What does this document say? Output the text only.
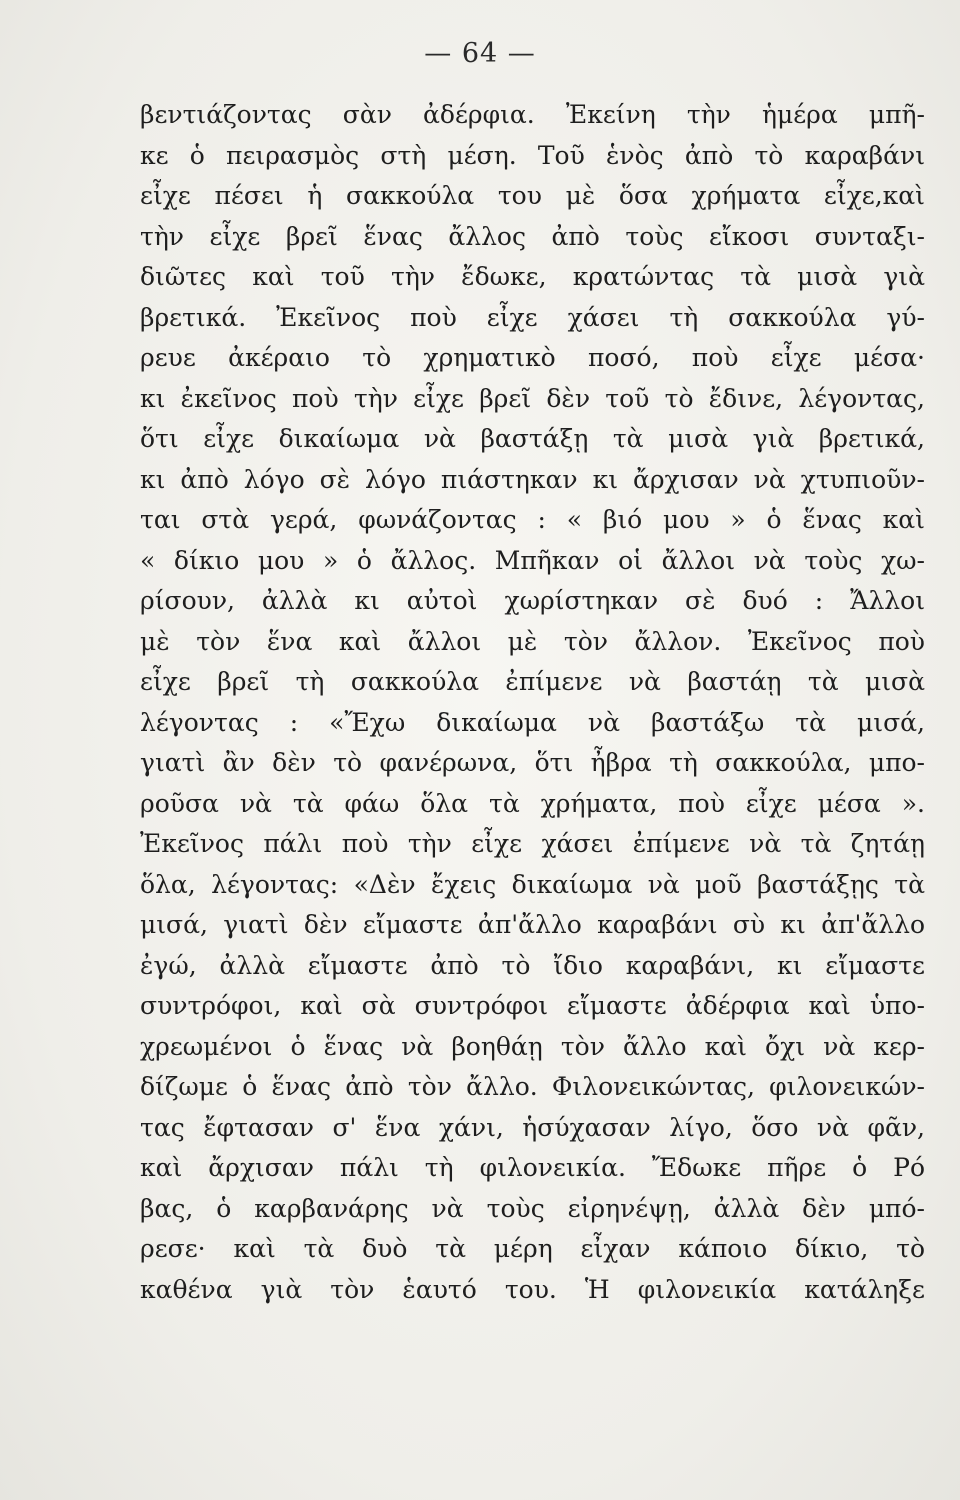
— 64 —
βεντιάζοντας σὰν ἀδέρφια. Ἐκείνη τὴν ἡμέρα μπῆ-
κε ὁ πειρασμὸς στὴ μέση. Τοῦ ἑνὸς ἀπὸ τὸ καραβάνι
εἶχε πέσει ἡ σακκούλα του μὲ ὅσα χρήματα εἶχε,καὶ
τὴν εἶχε βρεῖ ἕνας ἄλλος ἀπὸ τοὺς εἴκοσι συνταξι-
διῶτες καὶ τοῦ τὴν ἔδωκε, κρατώντας τὰ μισὰ γιὰ
βρετικά. Ἐκεῖνος ποὺ εἶχε χάσει τὴ σακκούλα γύ-
ρευε ἀκέραιο τὸ χρηματικὸ ποσό, ποὺ εἶχε μέσα·
κι ἐκεῖνος ποὺ τὴν εἶχε βρεῖ δὲν τοῦ τὸ ἔδινε, λέγοντας,
ὅτι εἶχε δικαίωμα νὰ βαστάξῃ τὰ μισὰ γιὰ βρετικά,
κι ἀπὸ λόγο σὲ λόγο πιάστηκαν κι ἄρχισαν νὰ χτυπιοῦν-
ται στὰ γερά, φωνάζοντας : « βιό μου » ὁ ἕνας καὶ
« δίκιο μου » ὁ ἄλλος. Μπῆκαν οἱ ἄλλοι νὰ τοὺς χω-
ρίσουν, ἀλλὰ κι αὐτοὶ χωρίστηκαν σὲ δυό : Ἄλλοι
μὲ τὸν ἕνα καὶ ἄλλοι μὲ τὸν ἄλλον. Ἐκεῖνος ποὺ
εἶχε βρεῖ τὴ σακκούλα ἐπίμενε νὰ βαστάῃ τὰ μισὰ
λέγοντας : «Ἔχω δικαίωμα νὰ βαστάξω τὰ μισά,
γιατὶ ἂν δὲν τὸ φανέρωνα, ὅτι ἦβρα τὴ σακκούλα, μπο-
ροῦσα νὰ τὰ φάω ὅλα τὰ χρήματα, ποὺ εἶχε μέσα ».
Ἐκεῖνος πάλι ποὺ τὴν εἶχε χάσει ἐπίμενε νὰ τὰ ζητάῃ
ὅλα, λέγοντας: «Δὲν ἔχεις δικαίωμα νὰ μοῦ βαστάξῃς τὰ
μισά, γιατὶ δὲν εἴμαστε ἀπ'ἄλλο καραβάνι σὺ κι ἀπ'ἄλλο
ἐγώ, ἀλλὰ εἴμαστε ἀπὸ τὸ ἴδιο καραβάνι, κι εἴμαστε
συντρόφοι, καὶ σὰ συντρόφοι εἴμαστε ἀδέρφια καὶ ὑπο-
χρεωμένοι ὁ ἕνας νὰ βοηθάῃ τὸν ἄλλο καὶ ὄχι νὰ κερ-
δίζωμε ὁ ἕνας ἀπὸ τὸν ἄλλο. Φιλονεικώντας, φιλονεικών-
τας ἔφτασαν σ' ἕνα χάνι, ἡσύχασαν λίγο, ὅσο νὰ φᾶν,
καὶ ἄρχισαν πάλι τὴ φιλονεικία. Ἔδωκε πῆρε ὁ Ρό
βας, ὁ καρβανάρης νὰ τοὺς εἰρηνέψῃ, ἀλλὰ δὲν μπό-
ρεσε· καὶ τὰ δυὸ τὰ μέρη εἶχαν κάποιο δίκιο, τὸ
καθένα γιὰ τὸν ἑαυτό του. Ἡ φιλονεικία κατάληξε
